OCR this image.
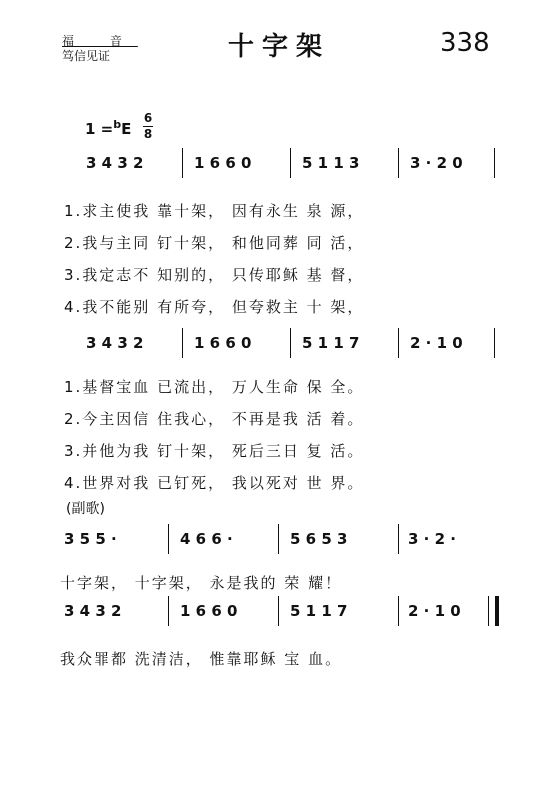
福 音
笃信见证	十字架	338
1 =$^b$E
6
8
3 4 3 2	1 6 6 0	5 1 1 3	3 · 2 0
1.求主使我 靠十架， 因有永生 泉 源，
2.我与主同 钉十架， 和他同葬 同 活，
3.我定志不 知别的， 只传耶稣 基 督，
4.我不能别 有所夸， 但夸救主 十 架，
3 4 3 2	1 6 6 0	5 1 1 7	2 · 1 0
1.基督宝血 已流出， 万人生命 保 全。
2.今主因信 住我心， 不再是我 活 着。
3.并他为我 钉十架， 死后三日 复 活。
4.世界对我 已钉死， 我以死对 世 界。
(副歌)
3 5 5 ·	4 6 6 ·	5 6 5 3	3 · 2 ·
十字架， 十字架， 永是我的 荣 耀！
3 4 3 2	1 6 6 0	5 1 1 7	2 · 1 0
我众罪都 洗清洁， 惟靠耶稣 宝 血。
